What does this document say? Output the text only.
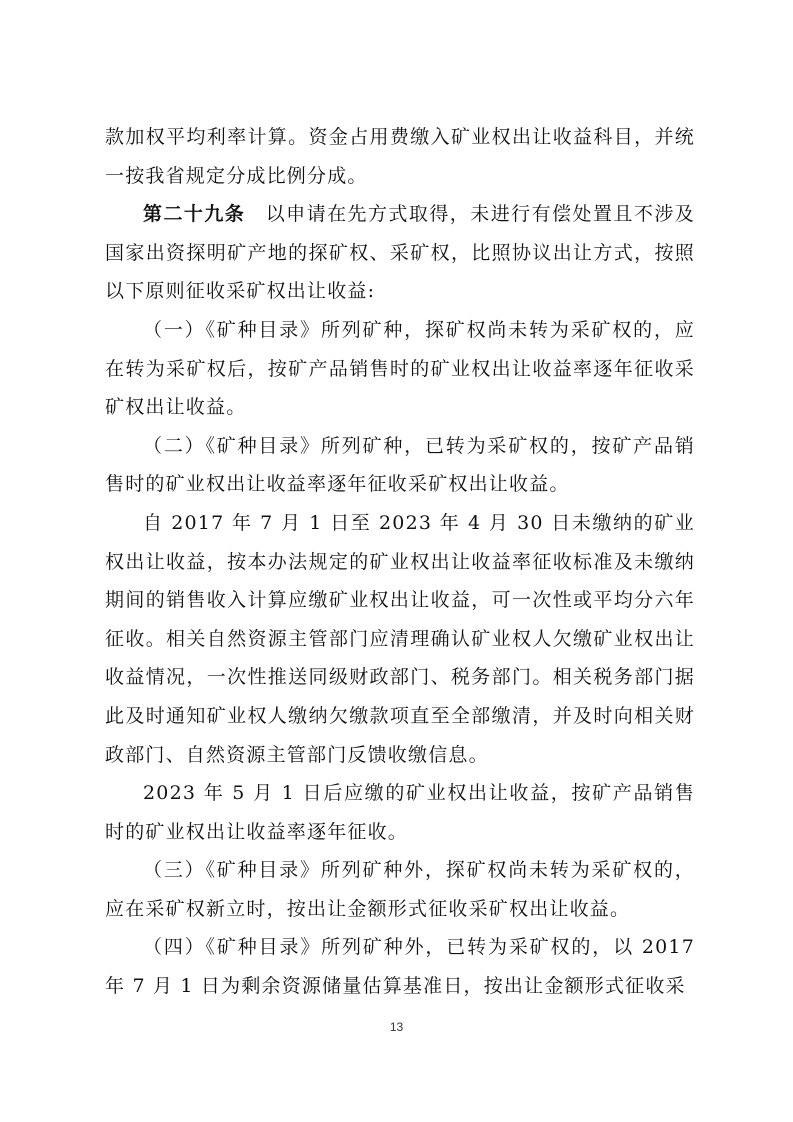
款加权平均利率计算。资金占用费缴入矿业权出让收益科目，并统一按我省规定分成比例分成。

第二十九条　以申请在先方式取得，未进行有偿处置且不涉及国家出资探明矿产地的探矿权、采矿权，比照协议出让方式，按照以下原则征收采矿权出让收益:

（一）《矿种目录》所列矿种，探矿权尚未转为采矿权的，应在转为采矿权后，按矿产品销售时的矿业权出让收益率逐年征收采矿权出让收益。

（二）《矿种目录》所列矿种，已转为采矿权的，按矿产品销售时的矿业权出让收益率逐年征收采矿权出让收益。

自 2017 年 7 月 1 日至 2023 年 4 月 30 日未缴纳的矿业权出让收益，按本办法规定的矿业权出让收益率征收标准及未缴纳期间的销售收入计算应缴矿业权出让收益，可一次性或平均分六年征收。相关自然资源主管部门应清理确认矿业权人欠缴矿业权出让收益情况，一次性推送同级财政部门、税务部门。相关税务部门据此及时通知矿业权人缴纳欠缴款项直至全部缴清，并及时向相关财政部门、自然资源主管部门反馈收缴信息。

2023 年 5 月 1 日后应缴的矿业权出让收益，按矿产品销售时的矿业权出让收益率逐年征收。

（三）《矿种目录》所列矿种外，探矿权尚未转为采矿权的，应在采矿权新立时，按出让金额形式征收采矿权出让收益。

（四）《矿种目录》所列矿种外，已转为采矿权的，以 2017 年 7 月 1 日为剩余资源储量估算基准日，按出让金额形式征收采

13
